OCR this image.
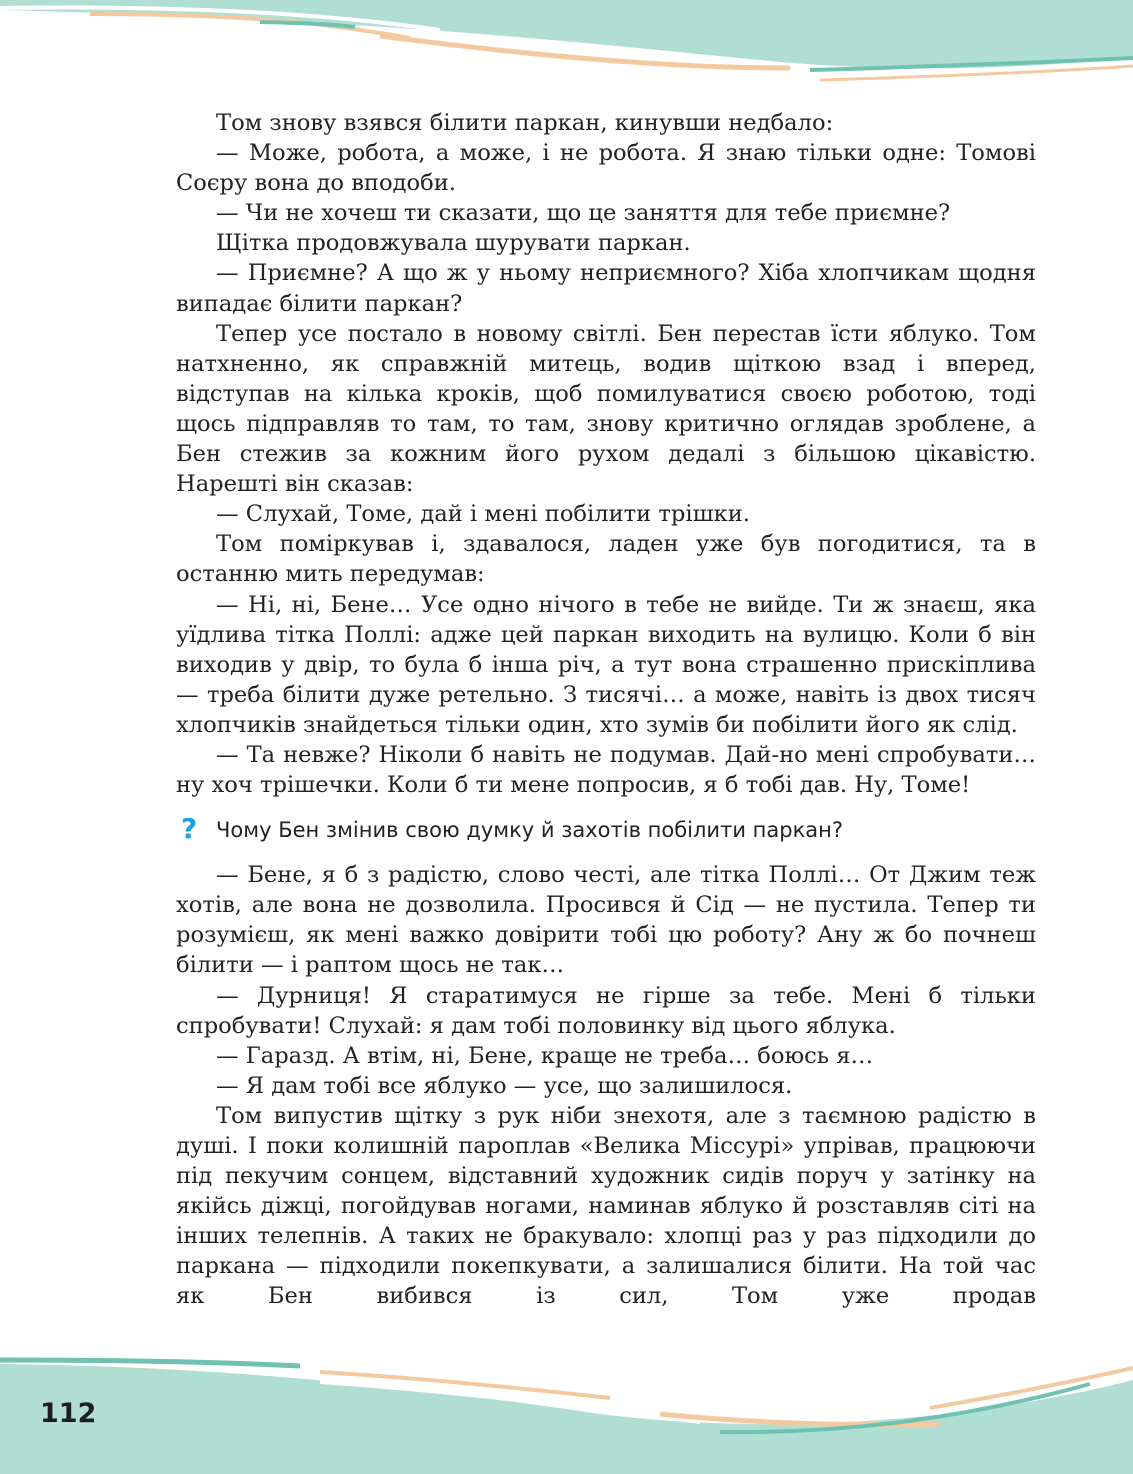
Том знову взявся білити паркан, кинувши недбало:

— Може, робота, а може, і не робота. Я знаю тільки одне: Томові Соєру вона до вподоби.

— Чи не хочеш ти сказати, що це заняття для тебе приємне?

Щітка продовжувала шурувати паркан.

— Приємне? А що ж у ньому неприємного? Хіба хлопчикам щодня випадає білити паркан?

Тепер усе постало в новому світлі. Бен перестав їсти яблуко. Том натхненно, як справжній митець, водив щіткою взад і вперед, відступав на кілька кроків, щоб помилуватися своєю роботою, тоді щось підправляв то там, то там, знову критично оглядав зроблене, а Бен стежив за кожним його рухом дедалі з більшою цікавістю. Нарешті він сказав:

— Слухай, Томе, дай і мені побілити трішки.

Том поміркував і, здавалося, ладен уже був погодитися, та в останню мить передумав:

— Ні, ні, Бене… Усе одно нічого в тебе не вийде. Ти ж знаєш, яка уїдлива тітка Поллі: адже цей паркан виходить на вулицю. Коли б він виходив у двір, то була б інша річ, а тут вона страшенно прискіплива — треба білити дуже ретельно. З тисячі… а може, навіть із двох тисяч хлопчиків знайдеться тільки один, хто зумів би побілити його як слід.

— Та невже? Ніколи б навіть не подумав. Дай-но мені спробувати… ну хоч трішечки. Коли б ти мене попросив, я б тобі дав. Ну, Томе!

? Чому Бен змінив свою думку й захотів побілити паркан?

— Бене, я б з радістю, слово честі, але тітка Поллі… От Джим теж хотів, але вона не дозволила. Просився й Сід — не пустила. Тепер ти розумієш, як мені важко довірити тобі цю роботу? Ану ж бо почнеш білити — і раптом щось не так…

— Дурниця! Я старатимуся не гірше за тебе. Мені б тільки спробувати! Слухай: я дам тобі половинку від цього яблука.

— Гаразд. А втім, ні, Бене, краще не треба… боюсь я…

— Я дам тобі все яблуко — усе, що залишилося.

Том випустив щітку з рук ніби знехотя, але з таємною радістю в душі. І поки колишній пароплав «Велика Міссурі» упрівав, працюючи під пекучим сонцем, відставний художник сидів поруч у затінку на якійсь діжці, погойдував ногами, наминав яблуко й розставляв сіті на інших телепнів. А таких не бракувало: хлопці раз у раз підходили до паркана — підходили покепкувати, а залишалися білити. На той час як Бен вибився із сил, Том уже продав

112
